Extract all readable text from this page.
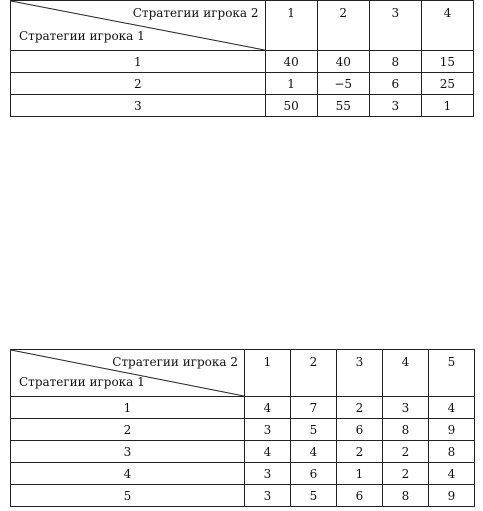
Стратегии игрока 2
Стратегии игрока 1	1	2	3	4
1	40	40	8	15
2	1	−5	6	25
3	50	55	3	1
Стратегии игрока 2
Стратегии игрока 1	1	2	3	4	5
1	4	7	2	3	4
2	3	5	6	8	9
3	4	4	2	2	8
4	3	6	1	2	4
5	3	5	6	8	9
